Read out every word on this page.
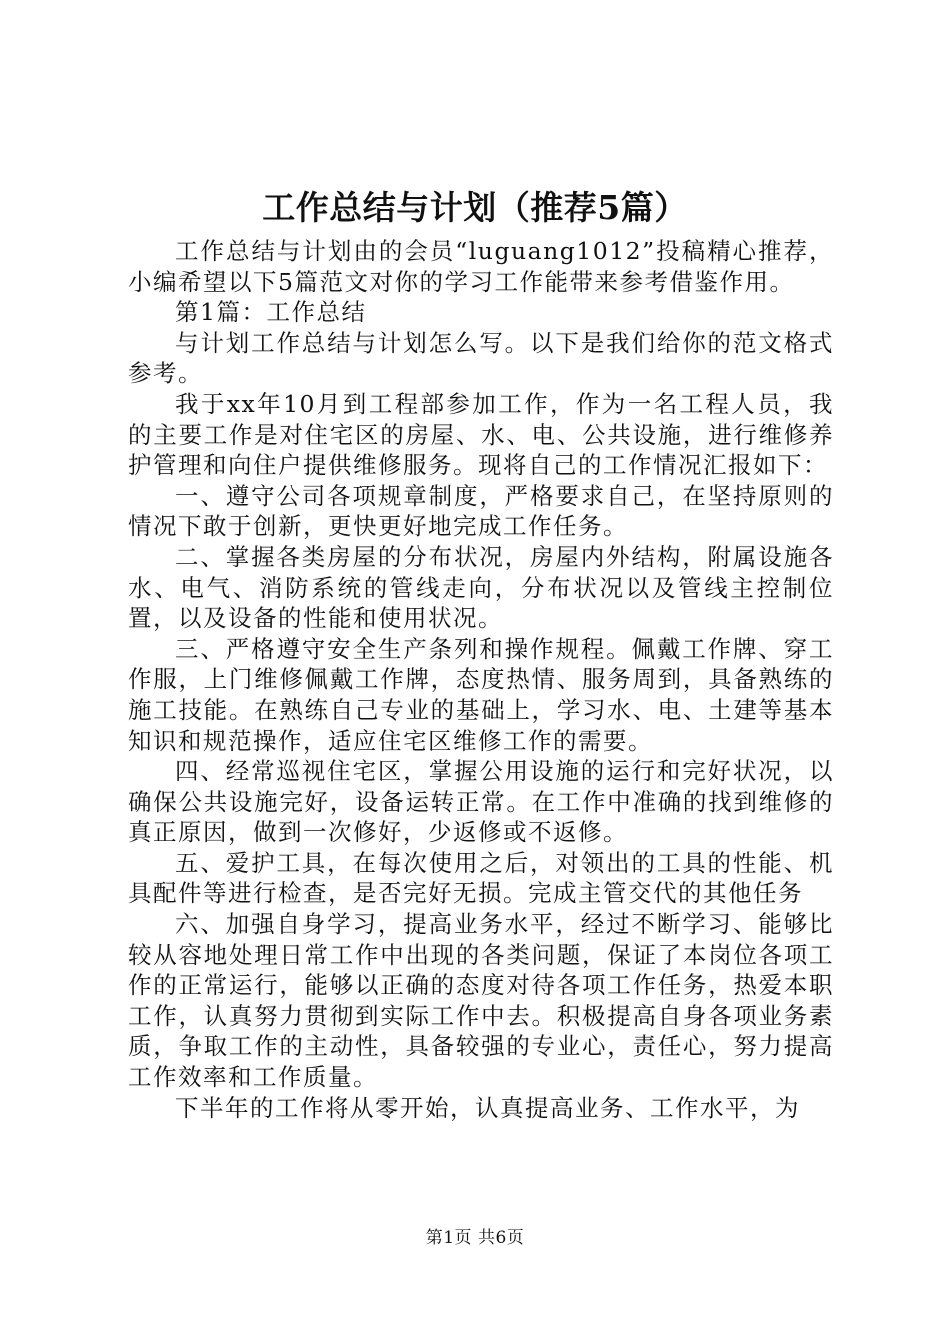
工作总结与计划（推荐5篇）

工作总结与计划由的会员“luguang1012”投稿精心推荐，小编希望以下5篇范文对你的学习工作能带来参考借鉴作用。

第1篇：工作总结

与计划工作总结与计划怎么写。以下是我们给你的范文格式参考。

我于xx年10月到工程部参加工作，作为一名工程人员，我的主要工作是对住宅区的房屋、水、电、公共设施，进行维修养护管理和向住户提供维修服务。现将自己的工作情况汇报如下：

一、遵守公司各项规章制度，严格要求自己，在坚持原则的情况下敢于创新，更快更好地完成工作任务。

二、掌握各类房屋的分布状况，房屋内外结构，附属设施各水、电气、消防系统的管线走向，分布状况以及管线主控制位置，以及设备的性能和使用状况。

三、严格遵守安全生产条列和操作规程。佩戴工作牌、穿工作服，上门维修佩戴工作牌，态度热情、服务周到，具备熟练的施工技能。在熟练自己专业的基础上，学习水、电、土建等基本知识和规范操作，适应住宅区维修工作的需要。

四、经常巡视住宅区，掌握公用设施的运行和完好状况，以确保公共设施完好，设备运转正常。在工作中准确的找到维修的真正原因，做到一次修好，少返修或不返修。

五、爱护工具，在每次使用之后，对领出的工具的性能、机具配件等进行检查，是否完好无损。完成主管交代的其他任务

六、加强自身学习，提高业务水平，经过不断学习、能够比较从容地处理日常工作中出现的各类问题，保证了本岗位各项工作的正常运行，能够以正确的态度对待各项工作任务，热爱本职工作，认真努力贯彻到实际工作中去。积极提高自身各项业务素质，争取工作的主动性，具备较强的专业心，责任心，努力提高工作效率和工作质量。

下半年的工作将从零开始，认真提高业务、工作水平，为

第1页 共6页
